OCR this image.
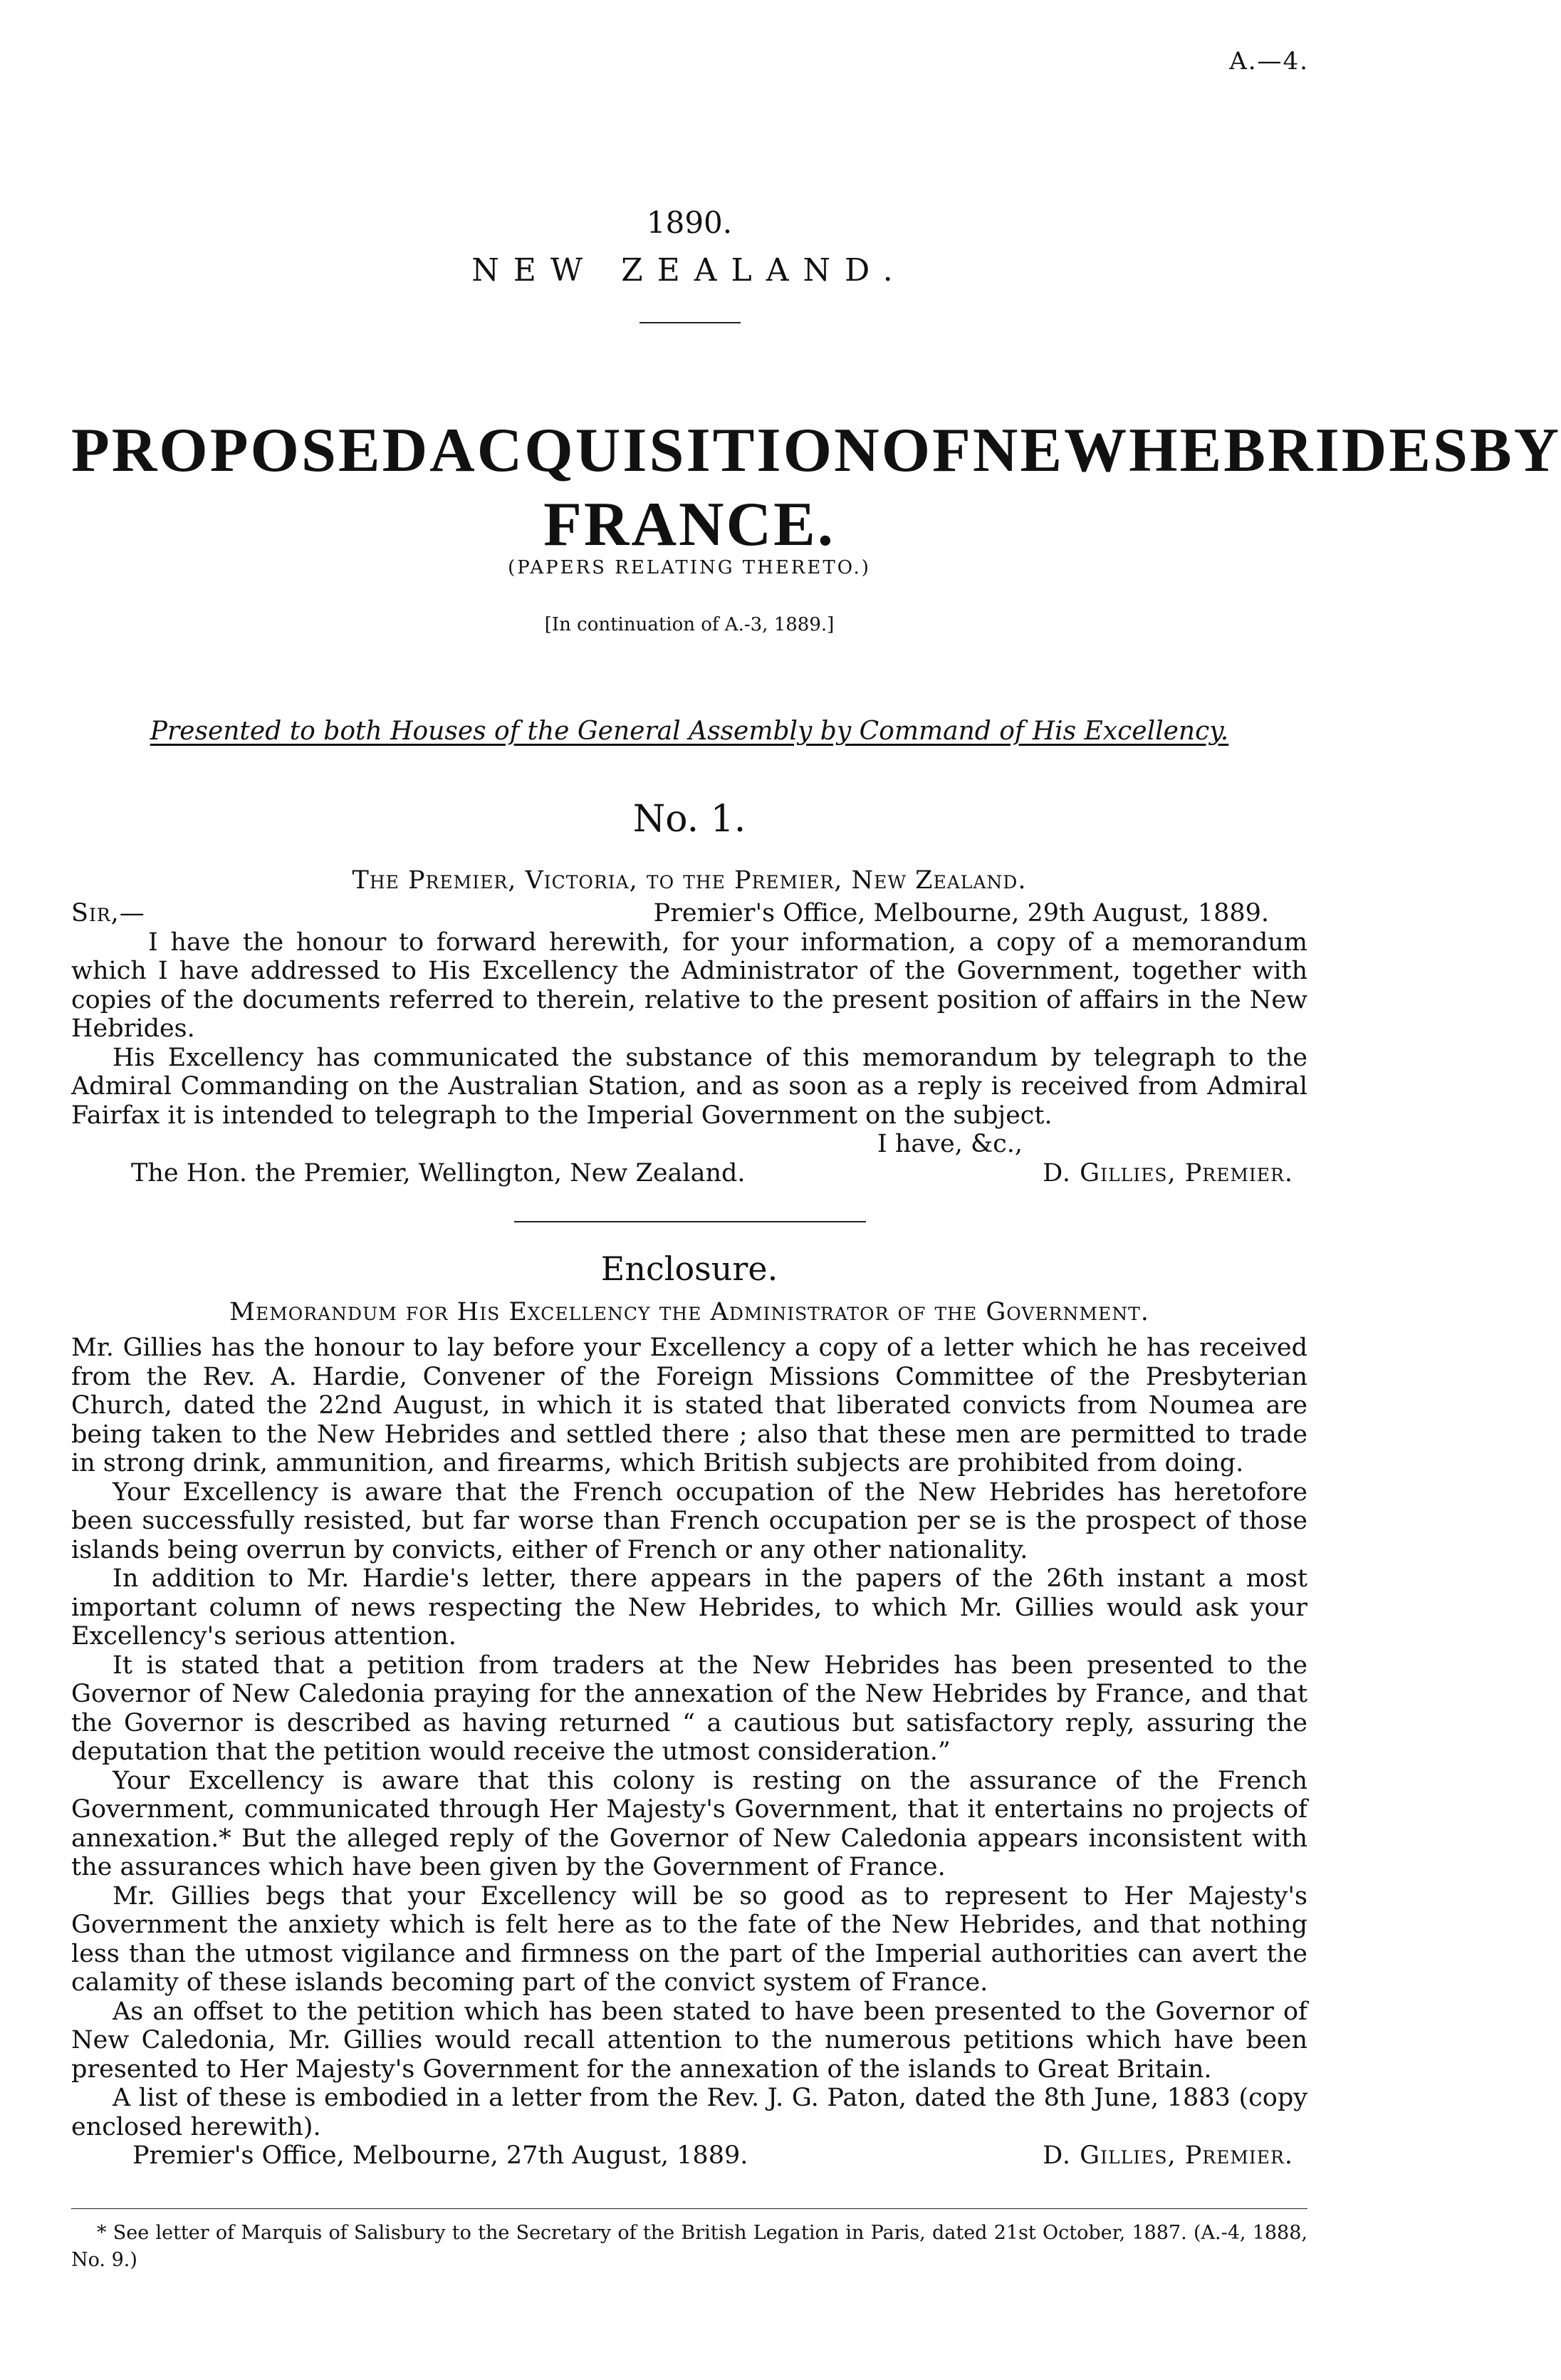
A.—4.
1890.
NEW ZEALAND.
PROPOSED ACQUISITION OF NEW HEBRIDES BY
FRANCE.
(PAPERS RELATING THERETO.)
[In continuation of A.-3, 1889.]
Presented to both Houses of the General Assembly by Command of His Excellency.
No. 1.
The Premier, Victoria, to the Premier, New Zealand.
Sir,—	Premier's Office, Melbourne, 29th August, 1889.

I have the honour to forward herewith, for your information, a copy of a memorandum which I have addressed to His Excellency the Administrator of the Government, together with copies of the documents referred to therein, relative to the present position of affairs in the New Hebrides.

His Excellency has communicated the substance of this memorandum by telegraph to the Admiral Commanding on the Australian Station, and as soon as a reply is received from Admiral Fairfax it is intended to telegraph to the Imperial Government on the subject.

I have, &c.,
The Hon. the Premier, Wellington, New Zealand.	D. Gillies, Premier.
Enclosure.
Memorandum for His Excellency the Administrator of the Government.

Mr. Gillies has the honour to lay before your Excellency a copy of a letter which he has received from the Rev. A. Hardie, Convener of the Foreign Missions Committee of the Presbyterian Church, dated the 22nd August, in which it is stated that liberated convicts from Noumea are being taken to the New Hebrides and settled there ; also that these men are permitted to trade in strong drink, ammunition, and firearms, which British subjects are prohibited from doing.

Your Excellency is aware that the French occupation of the New Hebrides has heretofore been successfully resisted, but far worse than French occupation per se is the prospect of those islands being overrun by convicts, either of French or any other nationality.

In addition to Mr. Hardie's letter, there appears in the papers of the 26th instant a most important column of news respecting the New Hebrides, to which Mr. Gillies would ask your Excellency's serious attention.

It is stated that a petition from traders at the New Hebrides has been presented to the Governor of New Caledonia praying for the annexation of the New Hebrides by France, and that the Governor is described as having returned “ a cautious but satisfactory reply, assuring the deputation that the petition would receive the utmost consideration.”

Your Excellency is aware that this colony is resting on the assurance of the French Government, communicated through Her Majesty's Government, that it entertains no projects of annexation.* But the alleged reply of the Governor of New Caledonia appears inconsistent with the assurances which have been given by the Government of France.

Mr. Gillies begs that your Excellency will be so good as to represent to Her Majesty's Government the anxiety which is felt here as to the fate of the New Hebrides, and that nothing less than the utmost vigilance and firmness on the part of the Imperial authorities can avert the calamity of these islands becoming part of the convict system of France.

As an offset to the petition which has been stated to have been presented to the Governor of New Caledonia, Mr. Gillies would recall attention to the numerous petitions which have been presented to Her Majesty's Government for the annexation of the islands to Great Britain.

A list of these is embodied in a letter from the Rev. J. G. Paton, dated the 8th June, 1883 (copy enclosed herewith).

Premier's Office, Melbourne, 27th August, 1889.	D. Gillies, Premier.

* See letter of Marquis of Salisbury to the Secretary of the British Legation in Paris, dated 21st October, 1887. (A.-4, 1888, No. 9.)
